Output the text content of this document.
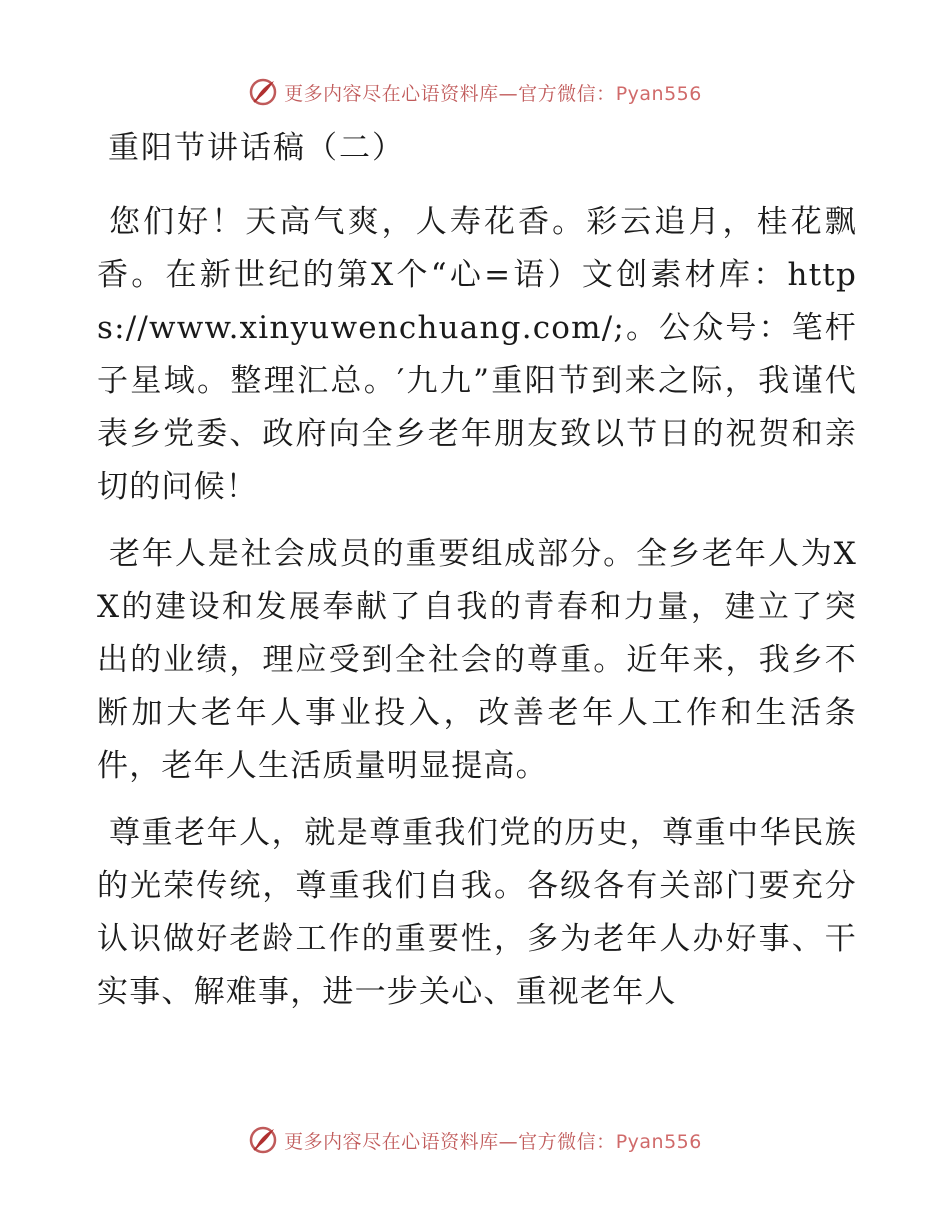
更多内容尽在心语资料库—官方微信：Pyan556
重阳节讲话稿（二）

您们好！天高气爽，人寿花香。彩云追月，桂花飘香。在新世纪的第X个“心=语）文创素材库：https://www.xinyuwenchuang.com/;。公众号：笔杆子星域。整理汇总。′九九”重阳节到来之际，我谨代表乡党委、政府向全乡老年朋友致以节日的祝贺和亲切的问候！

老年人是社会成员的重要组成部分。全乡老年人为XX的建设和发展奉献了自我的青春和力量，建立了突出的业绩，理应受到全社会的尊重。近年来，我乡不断加大老年人事业投入，改善老年人工作和生活条件，老年人生活质量明显提高。

尊重老年人，就是尊重我们党的历史，尊重中华民族的光荣传统，尊重我们自我。各级各有关部门要充分认识做好老龄工作的重要性，多为老年人办好事、干实事、解难事，进一步关心、重视老年人

更多内容尽在心语资料库—官方微信：Pyan556
